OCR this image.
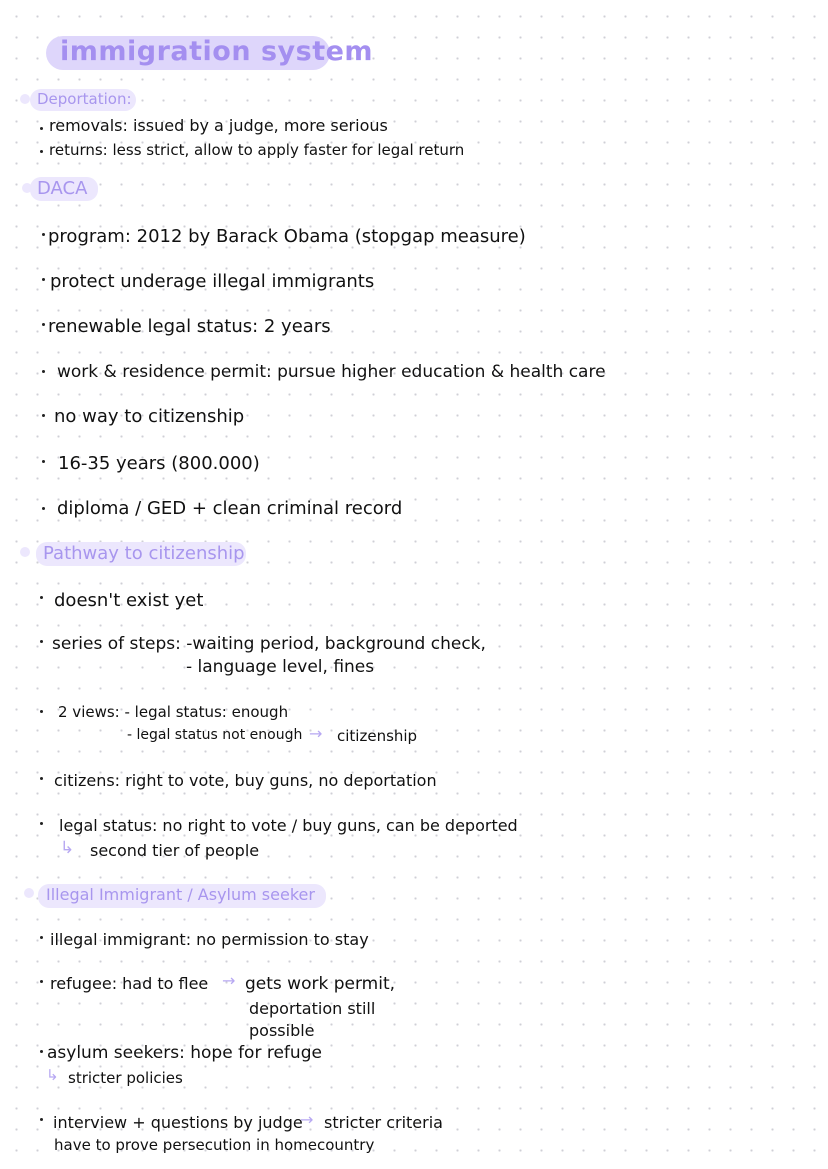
immigration system
Deportation:
removals: issued by a judge, more serious
returns: less strict, allow to apply faster for legal return
DACA
program: 2012 by Barack Obama (stopgap measure)
protect underage illegal immigrants
renewable legal status: 2 years
work & residence permit: pursue higher education & health care
no way to citizenship
16-35 years (800.000)
diploma / GED + clean criminal record
Pathway to citizenship
doesn't exist yet
series of steps: -waiting period, background check,
- language level, fines
2 views: - legal status: enough
- legal status not enough → citizenship
citizens: right to vote, buy guns, no deportation
legal status: no right to vote / buy guns, can be deported
↳ second tier of people
Illegal Immigrant / Asylum seeker
illegal immigrant: no permission to stay
refugee: had to flee → gets work permit,
deportation still
possible
asylum seekers: hope for refuge
↳ stricter policies
interview + questions by judge
→ stricter criteria
have to prove persecution in homecountry
